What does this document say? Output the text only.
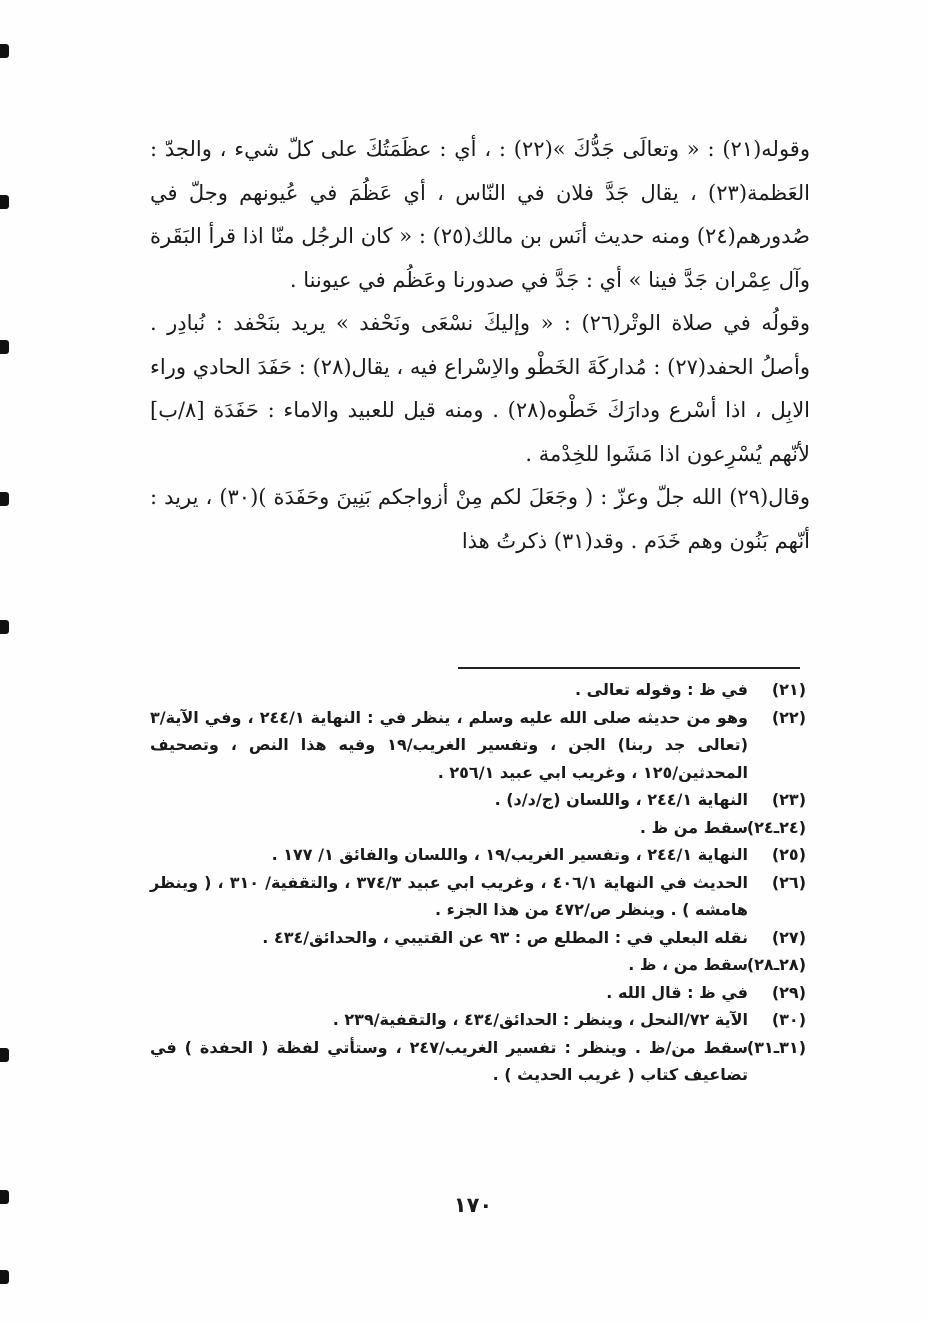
وقوله(٢١) : « وتعالَى جَدُّكَ »(٢٢) : ، أي : عظَمَتُكَ على كلّ شيء ، والجدّ : العَظمة(٢٣) ، يقال جَدَّ فلان في النّاس ، أي عَظُمَ في عُيونهم وجلّ في صُدورهم(٢٤) ومنه حديث أنَس بن مالك(٢٥) : « كان الرجُل منّا اذا قرأ البَقَرة وآل عِمْران جَدَّ فينا » أي : جَدَّ في صدورنا وعَظُم في عيوننا .

وقولُه في صلاة الوتْر(٢٦) : « وإليكَ نسْعَى ونَحْفد » يريد بنَحْفد : نُبادِر . وأصلُ الحفد(٢٧) : مُداركَةَ الخَطْو والاِسْراع فيه ، يقال(٢٨) : حَفَدَ الحادي وراء الابِل ، اذا أسْرع ودارَكَ خَطْوه(٢٨) . ومنه قيل للعبيد والاماء : حَفَدَة [٨/ب] لأنّهم يُسْرِعون اذا مَشَوا للخِدْمة .

وقال(٢٩) الله جلّ وعزّ : ( وجَعَلَ لكم مِنْ أزواجكم بَنِينَ وحَفَدَة )(٣٠) ، يريد : أنّهم بَنُون وهم خَدَم . وقد(٣١) ذكرتُ هذا

(٢١)
في ظ : وقوله تعالى .
(٢٢)
وهو من حديثه صلى الله عليه وسلم ، ينظر في : النهاية ٢٤٤/١ ، وفي الآية/٣ (تعالى جد ربنا) الجن ، وتفسير الغريب/١٩ وفيه هذا النص ، وتصحيف المحدثين/١٢٥ ، وغريب ابي عبيد ٢٥٦/١ .
(٢٣)
النهاية ٢٤٤/١ ، واللسان (ج/د/د) .
(٢٤ـ٢٤)
سقط من ظ .
(٢٥)
النهاية ٢٤٤/١ ، وتفسير الغريب/١٩ ، واللسان والفائق ١/ ١٧٧ .
(٢٦)
الحديث في النهاية ٤٠٦/١ ، وغريب ابي عبيد ٣٧٤/٣ ، والتقفية/ ٣١٠ ، ( وينظر هامشه ) . وينظر ص/٤٧٢ من هذا الجزء .
(٢٧)
نقله البعلي في : المطلع ص : ٩٣ عن القتيبي ، والحدائق/٤٣٤ .
(٢٨ـ٢٨)
سقط من ، ظ .
(٢٩)
في ظ : قال الله .
(٣٠)
الآية ٧٢/النحل ، وينظر : الحدائق/٤٣٤ ، والتقفية/٢٣٩ .
(٣١ـ٣١)
سقط من/ظ . وينظر : تفسير الغريب/٢٤٧ ، وستأتي لفظة ( الحفدة ) في تضاعيف كتاب ( غريب الحديث ) .
١٧٠
